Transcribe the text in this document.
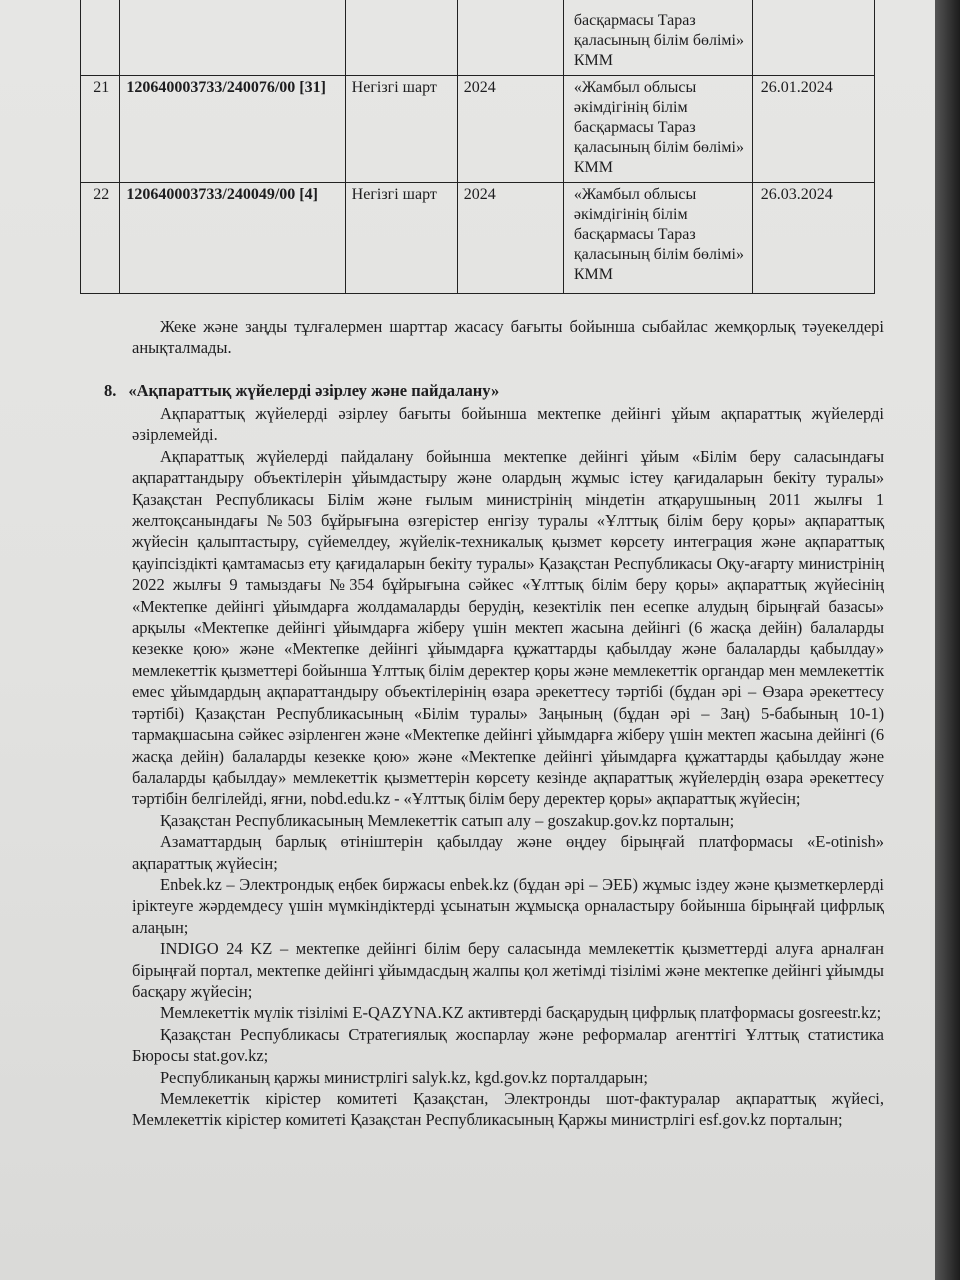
				басқармасы Тараз қаласының білім бөлімі» КММ	
21	120640003733/240076/00 [31]	Негізгі шарт	2024	«Жамбыл облысы әкімдігінің білім басқармасы Тараз қаласының білім бөлімі» КММ	26.01.2024
22	120640003733/240049/00 [4]	Негізгі шарт	2024	«Жамбыл облысы әкімдігінің білім басқармасы Тараз қаласының білім бөлімі» КММ	26.03.2024

Жеке және заңды тұлғалермен шарттар жасасу бағыты бойынша сыбайлас жемқорлық тәуекелдері анықталмады.

8. «Ақпараттық жүйелерді әзірлеу және пайдалану»

Ақпараттық жүйелерді әзірлеу бағыты бойынша мектепке дейінгі ұйым ақпараттық жүйелерді әзірлемейді.

Ақпараттық жүйелерді пайдалану бойынша мектепке дейінгі ұйым «Білім беру саласындағы ақпараттандыру объектілерін ұйымдастыру және олардың жұмыс істеу қағидаларын бекіту туралы» Қазақстан Республикасы Білім және ғылым министрінің міндетін атқарушының 2011 жылғы 1 желтоқсанындағы №503 бұйрығына өзгерістер енгізу туралы «Ұлттық білім беру қоры» ақпараттық жүйесін қалыптастыру, сүйемелдеу, жүйелік-техникалық қызмет көрсету интеграция және ақпараттық қауіпсіздікті қамтамасыз ету қағидаларын бекіту туралы» Қазақстан Республикасы Оқу-ағарту министрінің 2022 жылғы 9 тамыздағы №354 бұйрығына сәйкес «Ұлттық білім беру қоры» ақпараттық жүйесінің «Мектепке дейінгі ұйымдарға жолдамаларды берудің, кезектілік пен есепке алудың бірыңғай базасы» арқылы «Мектепке дейінгі ұйымдарға жіберу үшін мектеп жасына дейінгі (6 жасқа дейін) балаларды кезекке қою» және «Мектепке дейінгі ұйымдарға құжаттарды қабылдау және балаларды қабылдау» мемлекеттік қызметтері бойынша Ұлттық білім деректер қоры және мемлекеттік органдар мен мемлекеттік емес ұйымдардың ақпараттандыру объектілерінің өзара әрекеттесу тәртібі (бұдан әрі – Өзара әрекеттесу тәртібі) Қазақстан Республикасының «Білім туралы» Заңының (бұдан әрі – Заң) 5-бабының 10-1) тармақшасына сәйкес әзірленген және «Мектепке дейінгі ұйымдарға жіберу үшін мектеп жасына дейінгі (6 жасқа дейін) балаларды кезекке қою» және «Мектепке дейінгі ұйымдарға құжаттарды қабылдау және балаларды қабылдау» мемлекеттік қызметтерін көрсету кезінде ақпараттық жүйелердің өзара әрекеттесу тәртібін белгілейді, яғни, nobd.edu.kz - «Ұлттық білім беру деректер қоры» ақпараттық жүйесін;

Қазақстан Республикасының Мемлекеттік сатып алу – goszakup.gov.kz порталын;

Азаматтардың барлық өтініштерін қабылдау және өңдеу бірыңғай платформасы «E-otinish» ақпараттық жүйесін;

Enbek.kz – Электрондық еңбек биржасы enbek.kz (бұдан әрі – ЭЕБ) жұмыс іздеу және қызметкерлерді іріктеуге жәрдемдесу үшін мүмкіндіктерді ұсынатын жұмысқа орналастыру бойынша бірыңғай цифрлық алаңын;

INDIGO 24 KZ – мектепке дейінгі білім беру саласында мемлекеттік қызметтерді алуға арналған бірыңғай портал, мектепке дейінгі ұйымдасдың жалпы қол жетімді тізілімі және мектепке дейінгі ұйымды басқару жүйесін;

Мемлекеттік мүлік тізілімі E-QAZYNA.KZ активтерді басқарудың цифрлық платформасы gosreestr.kz;

Қазақстан Республикасы Стратегиялық жоспарлау және реформалар агенттігі Ұлттық статистика Бюросы stat.gov.kz;

Республиканың қаржы министрлігі salyk.kz, kgd.gov.kz порталдарын;

Мемлекеттік кірістер комитеті Қазақстан, Электронды шот-фактуралар ақпараттық жүйесі, Мемлекеттік кірістер комитеті Қазақстан Республикасының Қаржы министрлігі esf.gov.kz порталын;
